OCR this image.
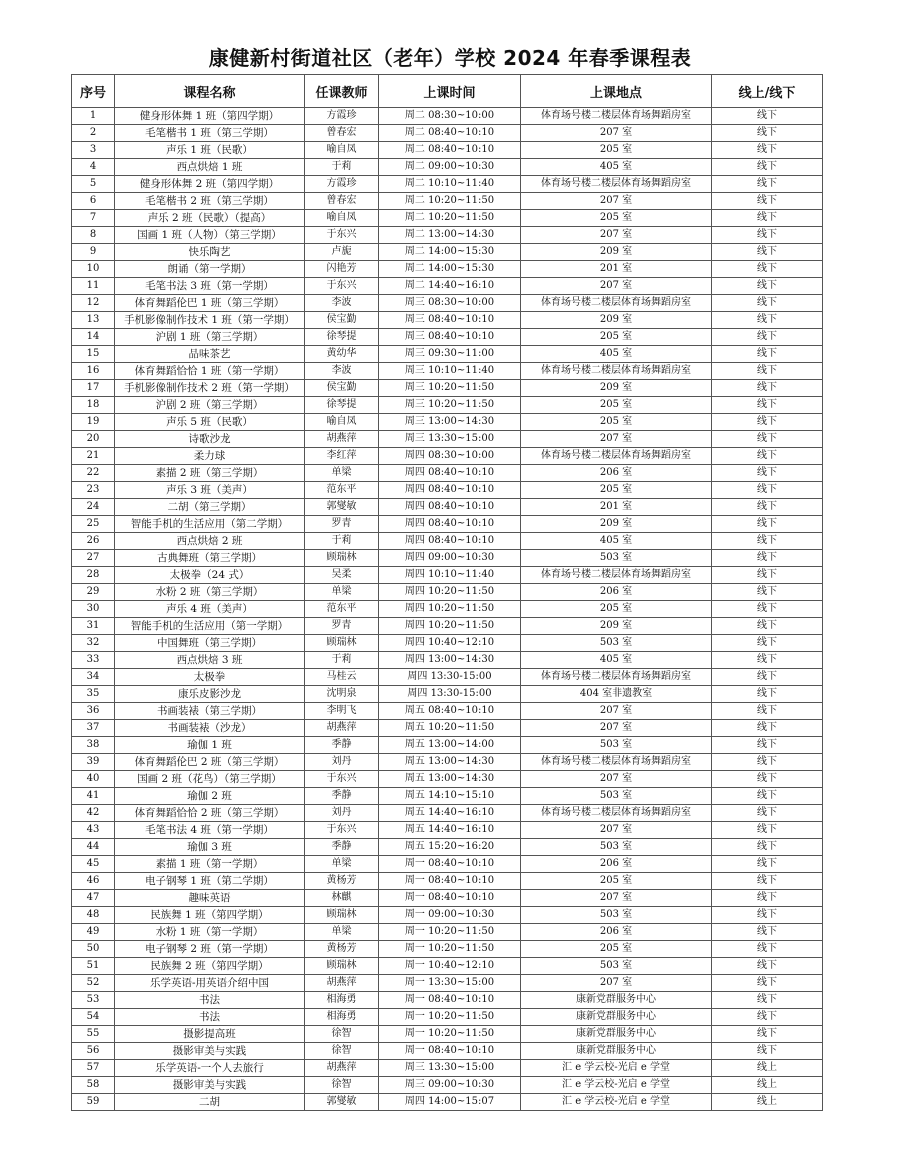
康健新村街道社区（老年）学校 2024 年春季课程表
序号	课程名称	任课教师	上课时间	上课地点	线上/线下
1	健身形体舞 1 班（第四学期）	方霞珍	周二 08:30~10:00	体育场号楼二楼层体育场舞蹈房室	线下
2	毛笔楷书 1 班（第三学期）	曾春宏	周二 08:40~10:10	207 室	线下
3	声乐 1 班（民歌）	喻自凤	周二 08:40~10:10	205 室	线下
4	西点烘焙 1 班	于莉	周二 09:00~10:30	405 室	线下
5	健身形体舞 2 班（第四学期）	方霞珍	周二 10:10~11:40	体育场号楼二楼层体育场舞蹈房室	线下
6	毛笔楷书 2 班（第三学期）	曾春宏	周二 10:20~11:50	207 室	线下
7	声乐 2 班（民歌）（提高）	喻自凤	周二 10:20~11:50	205 室	线下
8	国画 1 班（人物）（第三学期）	于东兴	周二 13:00~14:30	207 室	线下
9	快乐陶艺	卢旎	周二 14:00~15:30	209 室	线下
10	朗诵（第一学期）	闪艳芳	周二 14:00~15:30	201 室	线下
11	毛笔书法 3 班（第一学期）	于东兴	周二 14:40~16:10	207 室	线下
12	体育舞蹈伦巴 1 班（第三学期）	李波	周三 08:30~10:00	体育场号楼二楼层体育场舞蹈房室	线下
13	手机影像制作技术 1 班（第一学期）	侯宝勤	周三 08:40~10:10	209 室	线下
14	沪剧 1 班（第三学期）	徐琴提	周三 08:40~10:10	205 室	线下
15	品味茶艺	黄幼华	周三 09:30~11:00	405 室	线下
16	体育舞蹈恰恰 1 班（第一学期）	李波	周三 10:10~11:40	体育场号楼二楼层体育场舞蹈房室	线下
17	手机影像制作技术 2 班（第一学期）	侯宝勤	周三 10:20~11:50	209 室	线下
18	沪剧 2 班（第三学期）	徐琴提	周三 10:20~11:50	205 室	线下
19	声乐 5 班（民歌）	喻自凤	周三 13:00~14:30	205 室	线下
20	诗歌沙龙	胡燕萍	周三 13:30~15:00	207 室	线下
21	柔力球	李红萍	周四 08:30~10:00	体育场号楼二楼层体育场舞蹈房室	线下
22	素描 2 班（第三学期）	单梁	周四 08:40~10:10	206 室	线下
23	声乐 3 班（美声）	范东平	周四 08:40~10:10	205 室	线下
24	二胡（第三学期）	郭燮敏	周四 08:40~10:10	201 室	线下
25	智能手机的生活应用（第二学期）	罗青	周四 08:40~10:10	209 室	线下
26	西点烘焙 2 班	于莉	周四 08:40~10:10	405 室	线下
27	古典舞班（第三学期）	顾瑞林	周四 09:00~10:30	503 室	线下
28	太极拳（24 式）	吴柔	周四 10:10~11:40	体育场号楼二楼层体育场舞蹈房室	线下
29	水粉 2 班（第三学期）	单梁	周四 10:20~11:50	206 室	线下
30	声乐 4 班（美声）	范东平	周四 10:20~11:50	205 室	线下
31	智能手机的生活应用（第一学期）	罗青	周四 10:20~11:50	209 室	线下
32	中国舞班（第三学期）	顾瑞林	周四 10:40~12:10	503 室	线下
33	西点烘焙 3 班	于莉	周四 13:00~14:30	405 室	线下
34	太极拳	马桂云	周四 13:30-15:00	体育场号楼二楼层体育场舞蹈房室	线下
35	康乐皮影沙龙	沈明泉	周四 13:30-15:00	404 室非遗教室	线下
36	书画装裱（第三学期）	李明飞	周五 08:40~10:10	207 室	线下
37	书画装裱（沙龙）	胡燕萍	周五 10:20~11:50	207 室	线下
38	瑜伽 1 班	季静	周五 13:00~14:00	503 室	线下
39	体育舞蹈伦巴 2 班（第三学期）	刘丹	周五 13:00~14:30	体育场号楼二楼层体育场舞蹈房室	线下
40	国画 2 班（花鸟）（第三学期）	于东兴	周五 13:00~14:30	207 室	线下
41	瑜伽 2 班	季静	周五 14:10~15:10	503 室	线下
42	体育舞蹈恰恰 2 班（第三学期）	刘丹	周五 14:40~16:10	体育场号楼二楼层体育场舞蹈房室	线下
43	毛笔书法 4 班（第一学期）	于东兴	周五 14:40~16:10	207 室	线下
44	瑜伽 3 班	季静	周五 15:20~16:20	503 室	线下
45	素描 1 班（第一学期）	单梁	周一 08:40~10:10	206 室	线下
46	电子钢琴 1 班（第二学期）	黄杨芳	周一 08:40~10:10	205 室	线下
47	趣味英语	林麒	周一 08:40~10:10	207 室	线下
48	民族舞 1 班（第四学期）	顾瑞林	周一 09:00~10:30	503 室	线下
49	水粉 1 班（第一学期）	单梁	周一 10:20~11:50	206 室	线下
50	电子钢琴 2 班（第一学期）	黄杨芳	周一 10:20~11:50	205 室	线下
51	民族舞 2 班（第四学期）	顾瑞林	周一 10:40~12:10	503 室	线下
52	乐学英语-用英语介绍中国	胡燕萍	周一 13:30~15:00	207 室	线下
53	书法	相海勇	周一 08:40~10:10	康新党群服务中心	线下
54	书法	相海勇	周一 10:20~11:50	康新党群服务中心	线下
55	摄影提高班	徐智	周一 10:20~11:50	康新党群服务中心	线下
56	摄影审美与实践	徐智	周一 08:40~10:10	康新党群服务中心	线下
57	乐学英语-一个人去旅行	胡燕萍	周三 13:30~15:00	汇 e 学云校-光启 e 学堂	线上
58	摄影审美与实践	徐智	周三 09:00~10:30	汇 e 学云校-光启 e 学堂	线上
59	二胡	郭燮敏	周四 14:00~15:07	汇 e 学云校-光启 e 学堂	线上
